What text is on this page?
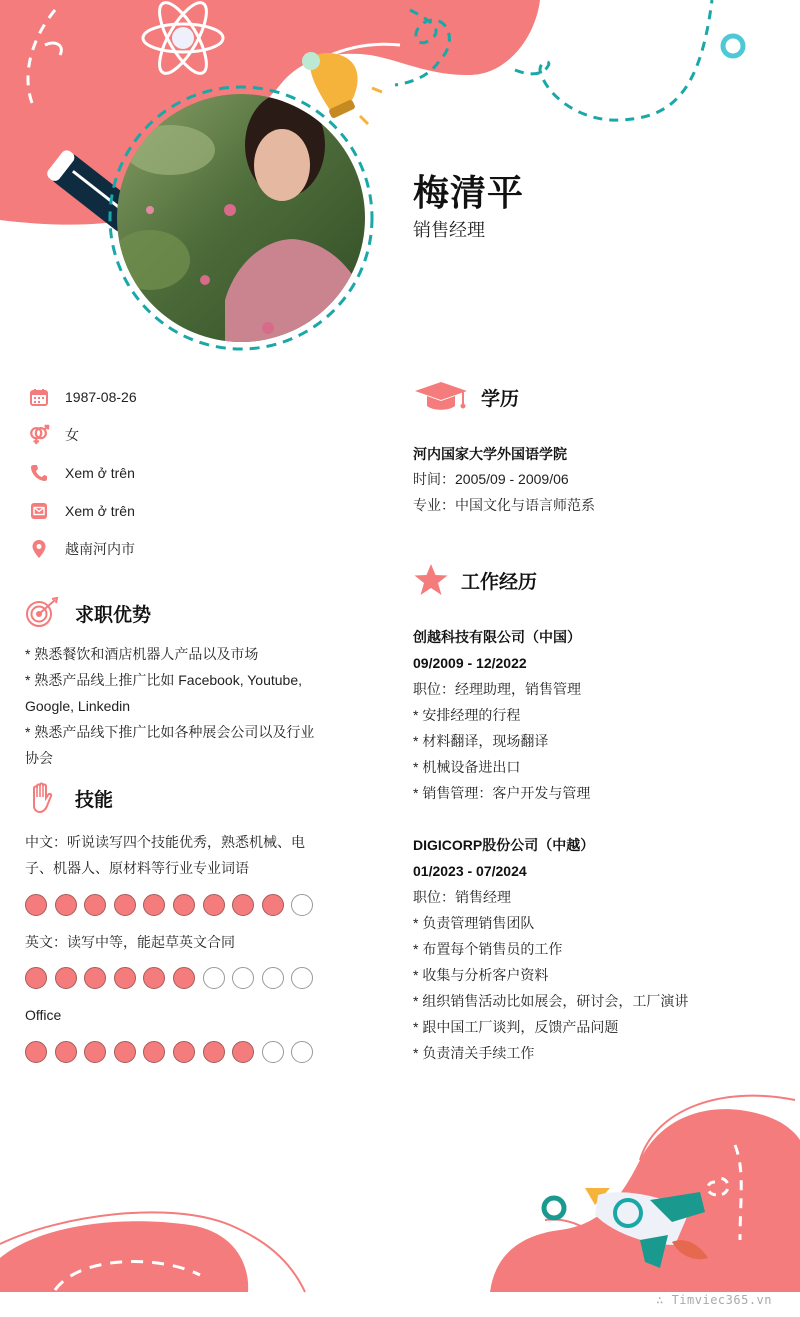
梅清平
销售经理
1987-08-26
女
Xem ở trên
Xem ở trên
越南河内市
求职优势
* 熟悉餐饮和酒店机器人产品以及市场
* 熟悉产品线上推广比如 Facebook, Youtube, Google, Linkedin
* 熟悉产品线下推广比如各种展会公司以及行业协会
技能
中文：听说读写四个技能优秀，熟悉机械、电子、机器人、原材料等行业专业词语
英文：读写中等，能起草英文合同
Office
学历
河内国家大学外国语学院
时间：2005/09 - 2009/06
专业：中国文化与语言师范系
工作经历
创越科技有限公司（中国）
09/2009 - 12/2022
职位：经理助理，销售管理
* 安排经理的行程
* 材料翻译，现场翻译
* 机械设备进出口
* 销售管理：客户开发与管理
DIGICORP股份公司（中越）
01/2023 - 07/2024
职位：销售经理
* 负责管理销售团队
* 布置每个销售员的工作
* 收集与分析客户资料
* 组织销售活动比如展会，研讨会，工厂演讲
* 跟中国工厂谈判，反馈产品问题
* 负责清关手续工作
∴ Timviec365.vn
